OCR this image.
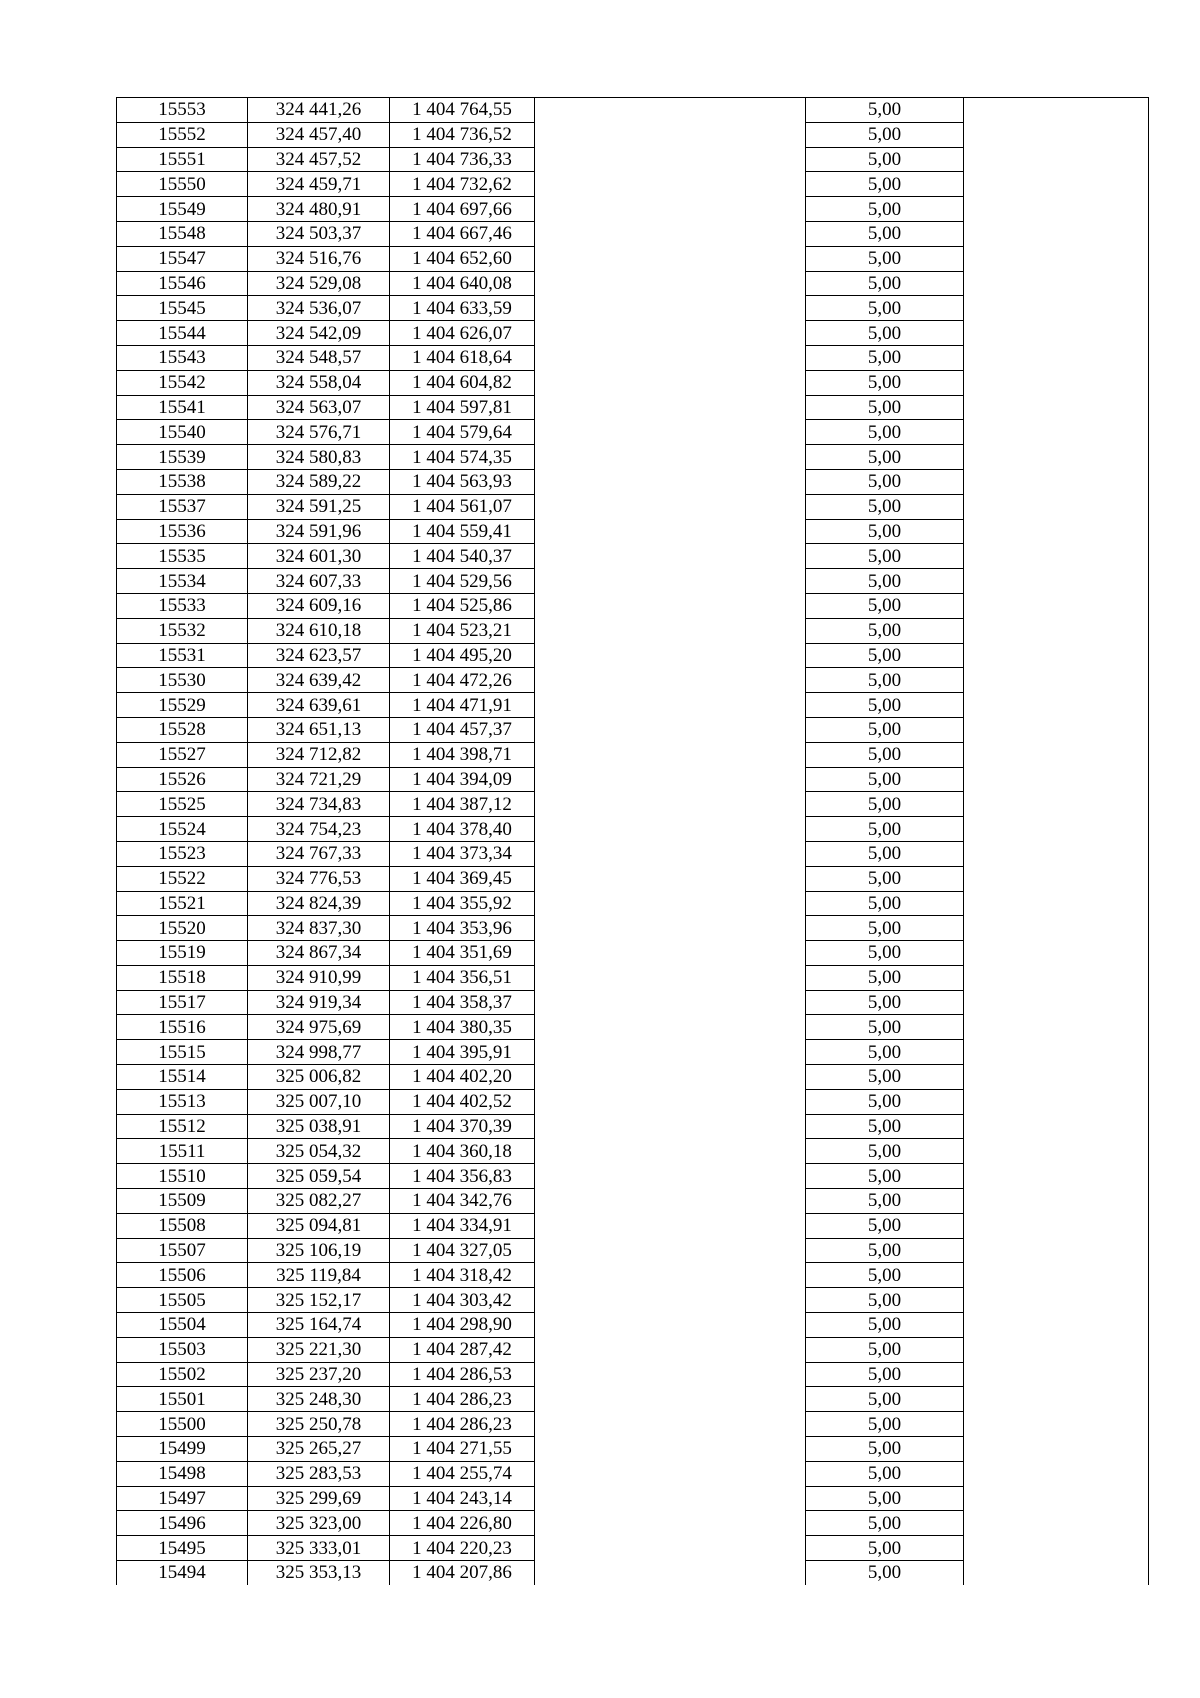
15553	324 441,26	1 404 764,55		5,00	
15552	324 457,40	1 404 736,52		5,00	
15551	324 457,52	1 404 736,33		5,00	
15550	324 459,71	1 404 732,62		5,00	
15549	324 480,91	1 404 697,66		5,00	
15548	324 503,37	1 404 667,46		5,00	
15547	324 516,76	1 404 652,60		5,00	
15546	324 529,08	1 404 640,08		5,00	
15545	324 536,07	1 404 633,59		5,00	
15544	324 542,09	1 404 626,07		5,00	
15543	324 548,57	1 404 618,64		5,00	
15542	324 558,04	1 404 604,82		5,00	
15541	324 563,07	1 404 597,81		5,00	
15540	324 576,71	1 404 579,64		5,00	
15539	324 580,83	1 404 574,35		5,00	
15538	324 589,22	1 404 563,93		5,00	
15537	324 591,25	1 404 561,07		5,00	
15536	324 591,96	1 404 559,41		5,00	
15535	324 601,30	1 404 540,37		5,00	
15534	324 607,33	1 404 529,56		5,00	
15533	324 609,16	1 404 525,86		5,00	
15532	324 610,18	1 404 523,21		5,00	
15531	324 623,57	1 404 495,20		5,00	
15530	324 639,42	1 404 472,26		5,00	
15529	324 639,61	1 404 471,91		5,00	
15528	324 651,13	1 404 457,37		5,00	
15527	324 712,82	1 404 398,71		5,00	
15526	324 721,29	1 404 394,09		5,00	
15525	324 734,83	1 404 387,12		5,00	
15524	324 754,23	1 404 378,40		5,00	
15523	324 767,33	1 404 373,34		5,00	
15522	324 776,53	1 404 369,45		5,00	
15521	324 824,39	1 404 355,92		5,00	
15520	324 837,30	1 404 353,96		5,00	
15519	324 867,34	1 404 351,69		5,00	
15518	324 910,99	1 404 356,51		5,00	
15517	324 919,34	1 404 358,37		5,00	
15516	324 975,69	1 404 380,35		5,00	
15515	324 998,77	1 404 395,91		5,00	
15514	325 006,82	1 404 402,20		5,00	
15513	325 007,10	1 404 402,52		5,00	
15512	325 038,91	1 404 370,39		5,00	
15511	325 054,32	1 404 360,18		5,00	
15510	325 059,54	1 404 356,83		5,00	
15509	325 082,27	1 404 342,76		5,00	
15508	325 094,81	1 404 334,91		5,00	
15507	325 106,19	1 404 327,05		5,00	
15506	325 119,84	1 404 318,42		5,00	
15505	325 152,17	1 404 303,42		5,00	
15504	325 164,74	1 404 298,90		5,00	
15503	325 221,30	1 404 287,42		5,00	
15502	325 237,20	1 404 286,53		5,00	
15501	325 248,30	1 404 286,23		5,00	
15500	325 250,78	1 404 286,23		5,00	
15499	325 265,27	1 404 271,55		5,00	
15498	325 283,53	1 404 255,74		5,00	
15497	325 299,69	1 404 243,14		5,00	
15496	325 323,00	1 404 226,80		5,00	
15495	325 333,01	1 404 220,23		5,00	
15494	325 353,13	1 404 207,86		5,00	
